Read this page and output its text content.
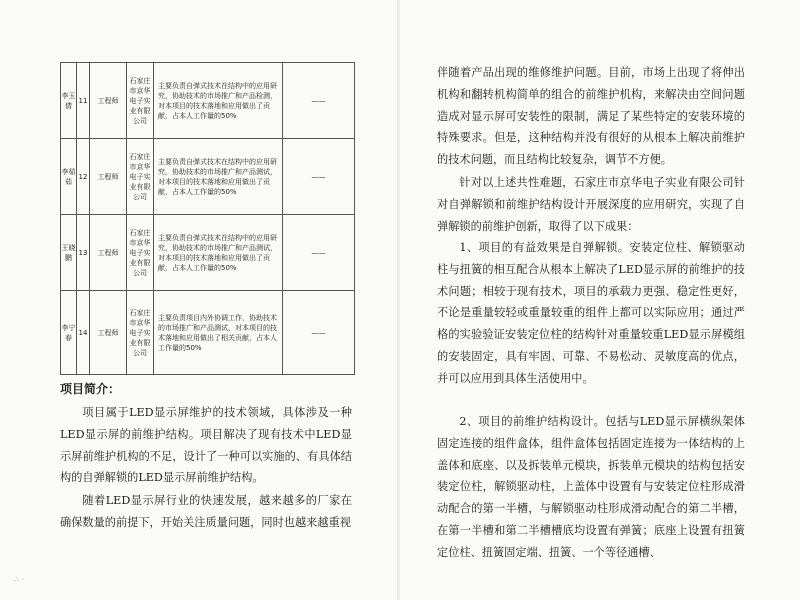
李玉倩	11	工程师	石家庄市京华电子实业有限公司	主要负责自弹式技术在结构中的应用研究，协助技术的市场推广和产品检测，对本项目的技术落地和应用做出了贡献，占本人工作量的50%	——
李茹茹	12	工程师	石家庄市京华电子实业有限公司	主要负责自弹式技术在结构中的应用研究，协助技术的市场推广和产品测试，对本项目的技术落地和应用做出了贡献，占本人工作量的50%	——
王晓鹏	13	工程师	石家庄市京华电子实业有限公司	主要负责自弹式技术在结构中的应用研究，协助技术的市场推广和产品测试，对本项目的技术落地和应用做出了贡献，占本人工作量的50%	——
李宁春	14	工程师	石家庄市京华电子实业有限公司	主要负责项目内外协调工作，协助技术的市场推广和产品测试，对本项目的技术落地和应用做出了相关贡献，占本人工作量的50%	——
项目简介：

项目属于LED显示屏维护的技术领域，具体涉及一种LED显示屏的前维护结构。项目解决了现有技术中LED显示屏前维护机构的不足，设计了一种可以实施的、有具体结构的自弹解锁的LED显示屏前维护结构。

随着LED显示屏行业的快速发展，越来越多的厂家在确保数量的前提下，开始关注质量问题，同时也越来越重视

∴ ·

伴随着产品出现的维修维护问题。目前，市场上出现了将伸出机构和翻转机构简单的组合的前维护机构，来解决由空间问题造成对显示屏可安装性的限制，满足了某些特定的安装环境的特殊要求。但是，这种结构并没有很好的从根本上解决前维护的技术问题，而且结构比较复杂，调节不方便。

针对以上述共性难题，石家庄市京华电子实业有限公司针对自弹解锁和前维护结构设计开展深度的应用研究，实现了自弹解锁的前维护创新，取得了以下成果：

1、项目的有益效果是自弹解锁。安装定位柱、解锁驱动柱与扭簧的相互配合从根本上解决了LED显示屏的前维护的技术问题；相较于现有技术，项目的承载力更强、稳定性更好，不论是重量较轻或重量较重的组件上都可以实际应用；通过严格的实验验证安装定位柱的结构针对重量较重LED显示屏模组的安装固定，具有牢固、可靠、不易松动、灵敏度高的优点，并可以应用到具体生活使用中。

2、项目的前维护结构设计。包括与LED显示屏横纵架体固定连接的组件盒体，组件盒体包括固定连接为一体结构的上盖体和底座、以及拆装单元模块，拆装单元模块的结构包括安装定位柱，解锁驱动柱，上盖体中设置有与安装定位柱形成滑动配合的第一半槽，与解锁驱动柱形成滑动配合的第二半槽，在第一半槽和第二半槽槽底均设置有弹簧；底座上设置有扭簧定位柱、扭簧固定端、扭簧、一个等径通槽、
